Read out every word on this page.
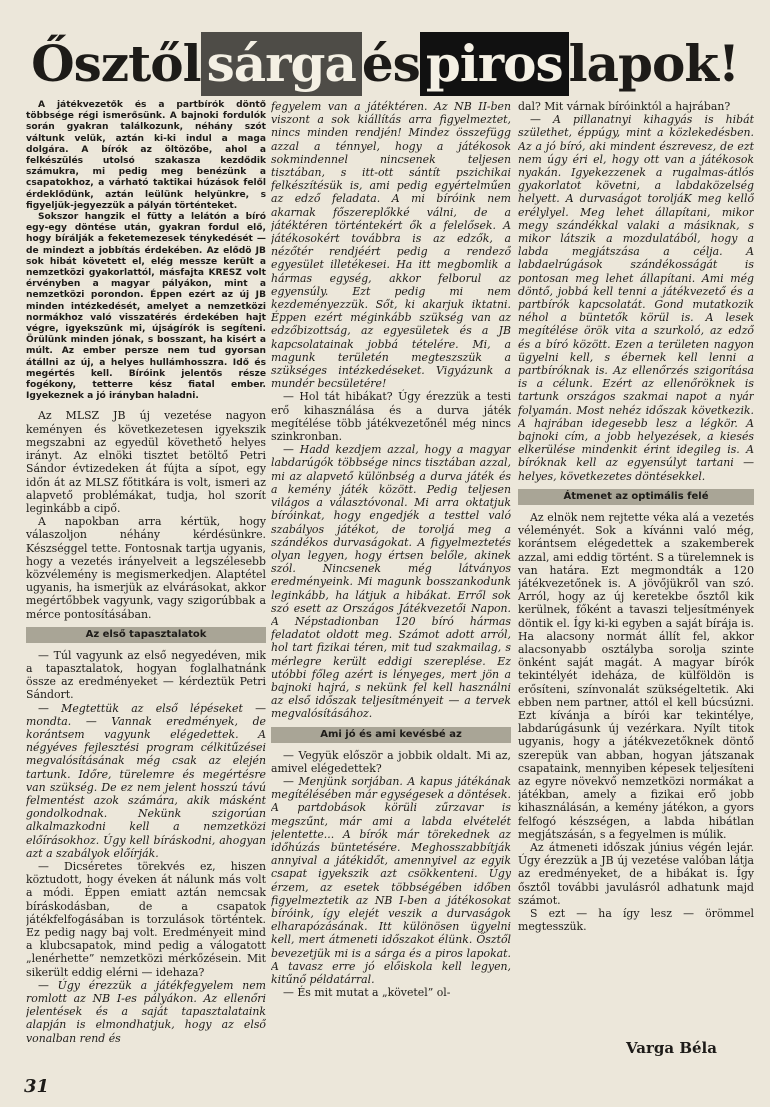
Ősztől sárga és piros lapok!

A játékvezetők és a partbírók döntő többsége régi ismerősünk. A bajnoki fordulók során gyakran találkozunk, néhány szót váltunk velük, aztán ki-ki indul a maga dolgára. A bírók az öltözőbe, ahol a felkészülés utolsó szakasza kezdődik számukra, mi pedig meg benézünk a csapatokhoz, a várható taktikai húzások felől érdeklődünk, aztán leülünk helyünkre, s figyeljük-jegyezzük a pályán történteket.

Sokszor hangzik el fütty a lelátón a bíró egy-egy döntése után, gyakran fordul elő, hogy bírálják a feketemezesek ténykedését — de mindezt a jobbítás érdekében. Az elődö JB sok hibát követett el, elég messze került a nemzetközi gyakorlattól, másfajta KRESZ volt érvényben a magyar pályákon, mint a nemzetközi porondon. Éppen ezért az új JB minden intézkedését, amelyet a nemzetközi normákhoz való visszatérés érdekében hajt végre, igyekszünk mi, újságírók is segíteni. Örülünk minden jónak, s bosszant, ha kisért a múlt. Az ember persze nem tud gyorsan átállni az új, a helyes hullámhosszra. Idő és megértés kell. Bíróink jelentős része fogékony, tetterre kész fiatal ember. Igyekeznek a jó irányban haladni.

Az MLSZ JB új vezetése nagyon keményen és következetesen igyekszik megszabni az egyedül követhető helyes irányt. Az elnöki tisztet betöltő Petri Sándor évtizedeken át fújta a sípot, egy időn át az MLSZ főtitkára is volt, ismeri az alapvető problémákat, tudja, hol szorít leginkább a cipő.

A napokban arra kértük, hogy válaszoljon néhány kérdésünkre. Készséggel tette. Fontosnak tartja ugyanis, hogy a vezetés irányelveit a legszélesebb közvélemény is megismerkedjen. Alaptétel ugyanis, ha ismerjük az elvárásokat, akkor megértőbbek vagyunk, vagy szigorúbbak a mérce pontosításában.

Az első tapasztalatok

— Túl vagyunk az első negyedéven, mik a tapasztalatok, hogyan foglalhatnánk össze az eredményeket — kérdeztük Petri Sándort.

— Megtettük az első lépéseket — mondta. — Vannak eredmények, de korántsem vagyunk elégedettek. A négyéves fejlesztési program célkitűzései megvalósításának még csak az elején tartunk. Időre, türelemre és megértésre van szükség. De ez nem jelent hosszú távú felmentést azok számára, akik másként gondolkodnak. Nekünk szigorúan alkalmazkodni kell a nemzetközi előírásokhoz. Úgy kell bíráskodni, ahogyan azt a szabályok előírják.

— Dicséretes törekvés ez, hiszen köztudott, hogy éveken át nálunk más volt a módi. Éppen emiatt aztán nemcsak bíráskodásban, de a csapatok játékfelfogásában is torzulások történtek. Ez pedig nagy baj volt. Eredményeit mind a klubcsapatok, mind pedig a válogatott „lenérhette” nemzetközi mérkőzésein. Mit sikerült eddig elérni — idehaza?

— Úgy érezzük a játékfegyelem nem romlott az NB I-es pályákon. Az ellenőri jelentések és a saját tapasztalataink alapján is elmondhatjuk, hogy az első vonalban rend és

fegyelem van a játéktéren. Az NB II-ben viszont a sok kiállítás arra figyelmeztet, nincs minden rendjén! Mindez összefügg azzal a ténnyel, hogy a játékosok sokmindennel nincsenek teljesen tisztában, s itt-ott sántít pszichikai felkészítésük is, ami pedig egyértelműen az edző feladata. A mi bíróink nem akarnak főszereplőkké válni, de a játéktéren történtekért ők a felelősek. A játékosokért továbbra is az edzők, a nézőtér rendjéért pedig a rendező egyesület illetékesei. Ha itt megbomlik a hármas egység, akkor felborul az egyensúly. Ezt pedig mi nem kezdeményezzük. Sőt, ki akarjuk iktatni. Éppen ezért méginkább szükség van az edzőbizottság, az egyesületek és a JB kapcsolatainak jobbá tételére. Mi, a magunk területén megteszszük a szükséges intézkedéseket. Vigyázunk a mundér becsületére!

— Hol tát hibákat? Úgy érezzük a testi erő kihasználása és a durva játék megítélése több játékvezetőnél még nincs szinkronban.

— Hadd kezdjem azzal, hogy a magyar labdarúgók többsége nincs tisztában azzal, mi az alapvető különbség a durva játék és a kemény játék között. Pedig teljesen világos a választóvonal. Mi arra oktatjuk bíróinkat, hogy engedjék a testtel való szabályos játékot, de toroljá meg a szándékos durvaságokat. A figyelmeztetés olyan legyen, hogy értsen belőle, akinek szól. Nincsenek még látványos eredményeink. Mi magunk bosszankodunk leginkább, ha látjuk a hibákat. Erről sok szó esett az Országos Játékvezetői Napon. A Népstadionban 120 bíró hármas feladatot oldott meg. Számot adott arról, hol tart fizikai téren, mit tud szakmailag, s mérlegre került eddigi szereplése. Ez utóbbi főleg azért is lényeges, mert jön a bajnoki hajrá, s nekünk fel kell használni az első időszak teljesítményeit — a tervek megvalósításához.

Ami jó és ami kevésbé az

— Vegyük először a jobbik oldalt. Mi az, amivel elégedettek?

— Menjünk sorjában. A kapus játékának megítélésében már egységesek a döntések. A partdobások körüli zűrzavar is megszűnt, már ami a labda elvételét jelentette... A bírók már törekednek az időhúzás büntetésére. Meghosszabbítják annyival a játékidőt, amennyivel az egyik csapat igyekszik azt csökkenteni. Úgy érzem, az esetek többségében időben figyelmeztetik az NB I-ben a játékosokat bíróink, így elejét veszik a durvaságok elharapózásának. Itt különösen ügyelni kell, mert átmeneti időszakot élünk. Ősztől bevezetjük mi is a sárga és a piros lapokat. A tavasz erre jó előiskola kell legyen, kitűnő példatárral.

— És mit mutat a „követel” ol-

dal? Mit várnak bíróinktól a hajrában?

— A pillanatnyi kihagyás is hibát születhet, éppúgy, mint a közlekedésben. Az a jó bíró, aki mindent észrevesz, de ezt nem úgy éri el, hogy ott van a játékosok nyakán. Igyekezzenek a rugalmas-átlós gyakorlatot követni, a labdaközelség helyett. A durvaságot toroljáK meg kellő erélylyel. Meg lehet állapítani, mikor megy szándékkal valaki a másiknak, s mikor látszik a mozdulatából, hogy a labda megjátszása a célja. A labdaelrúgások szándékosságát is pontosan meg lehet állapítani. Ami még döntő, jobbá kell tenni a játékvezető és a partbírók kapcsolatát. Gond mutatkozik néhol a büntetők körül is. A lesek megítélése örök vita a szurkoló, az edző és a bíró között. Ezen a területen nagyon ügyelni kell, s ébernek kell lenni a partbíróknak is. Az ellenőrzés szigorítása is a célunk. Ezért az ellenőröknek is tartunk országos szakmai napot a nyár folyamán. Most nehéz időszak következik. A hajrában idegesebb lesz a légkör. A bajnoki cím, a jobb helyezések, a kiesés elkerülése mindenkit érint idegileg is. A bíróknak kell az egyensúlyt tartani — helyes, következetes döntésekkel.

Átmenet az optimális felé

Az elnök nem rejtette véka alá a vezetés véleményét. Sok a kívánni való még, korántsem elégedettek a szakemberek azzal, ami eddig történt. S a türelemnek is van határa. Ezt megmondták a 120 játékvezetőnek is. A jövőjükről van szó. Arról, hogy az új keretekbe ősztől kik kerülnek, főként a tavaszi teljesítmények döntik el. Így ki-ki egyben a saját bírája is. Ha alacsony normát állít fel, akkor alacsonyabb osztályba sorolja szinte önként saját magát. A magyar bírók tekintélyét ideháza, de külföldön is erősíteni, színvonalát szükségeltetik. Aki ebben nem partner, attól el kell búcsúzni. Ezt kívánja a bírói kar tekintélye, labdarúgásunk új vezérkara. Nyílt titok ugyanis, hogy a játékvezetőknek döntő szerepük van abban, hogyan játszanak csapataink, mennyiben képesek teljesíteni az egyre növekvő nemzetközi normákat a játékban, amely a fizikai erő jobb kihasználásán, a kemény játékon, a gyors felfogó készségen, a labda hibátlan megjátszásán, s a fegyelmen is múlik.

Az átmeneti időszak június végén lejár. Úgy érezzük a JB új vezetése valóban látja az eredményeket, de a hibákat is. Így ősztől további javulásról adhatunk majd számot.

S ezt — ha így lesz — örömmel megtesszük.

Varga Béla
31
